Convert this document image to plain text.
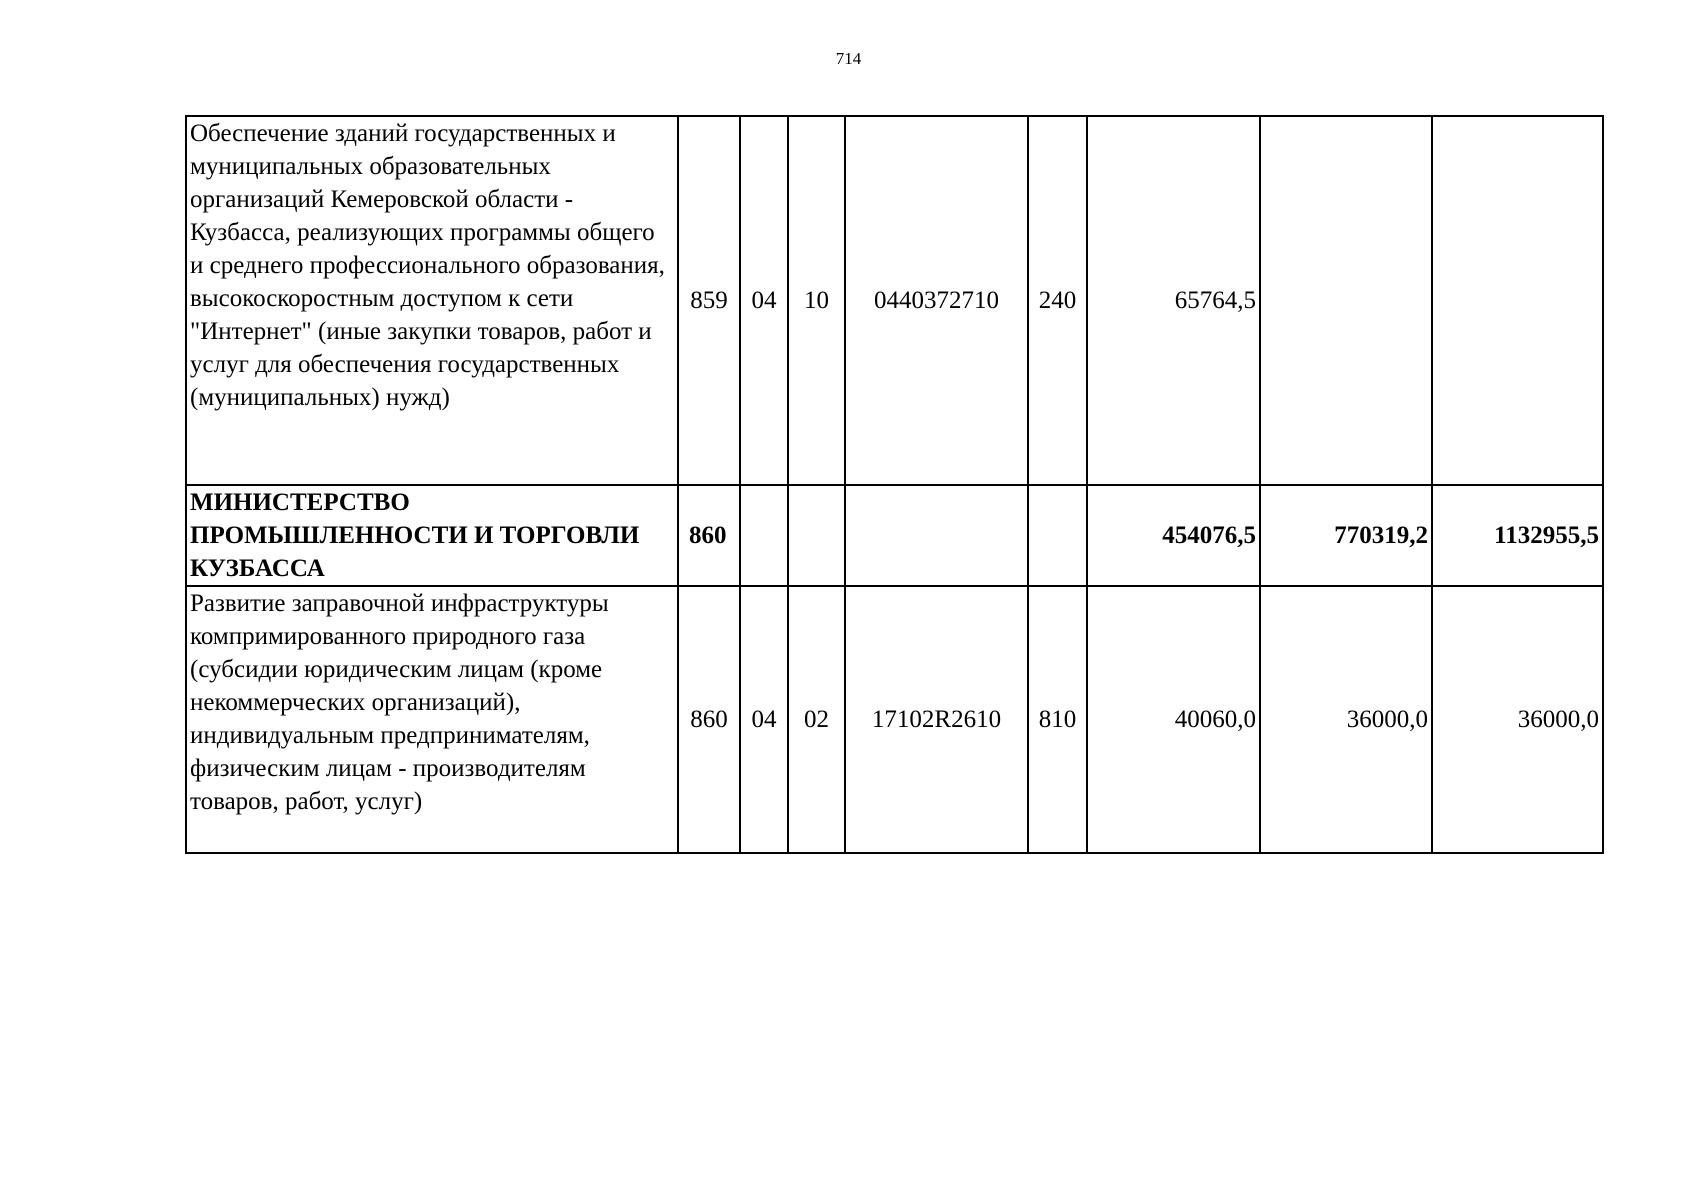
714
Обеспечение зданий государственных и муниципальных образовательных организаций Кемеровской области - Кузбасса, реализующих программы общего и среднего профессионального образования, высокоскоростным доступом к сети "Интернет" (иные закупки товаров, работ и услуг для обеспечения государственных (муниципальных) нужд)	859	04	10	0440372710	240	65764,5		
МИНИСТЕРСТВО ПРОМЫШЛЕННОСТИ И ТОРГОВЛИ КУЗБАССА	860					454076,5	770319,2	1132955,5
Развитие заправочной инфраструктуры компримированного природного газа (субсидии юридическим лицам (кроме некоммерческих организаций), индивидуальным предпринимателям, физическим лицам - производителям товаров, работ, услуг)	860	04	02	17102R2610	810	40060,0	36000,0	36000,0
